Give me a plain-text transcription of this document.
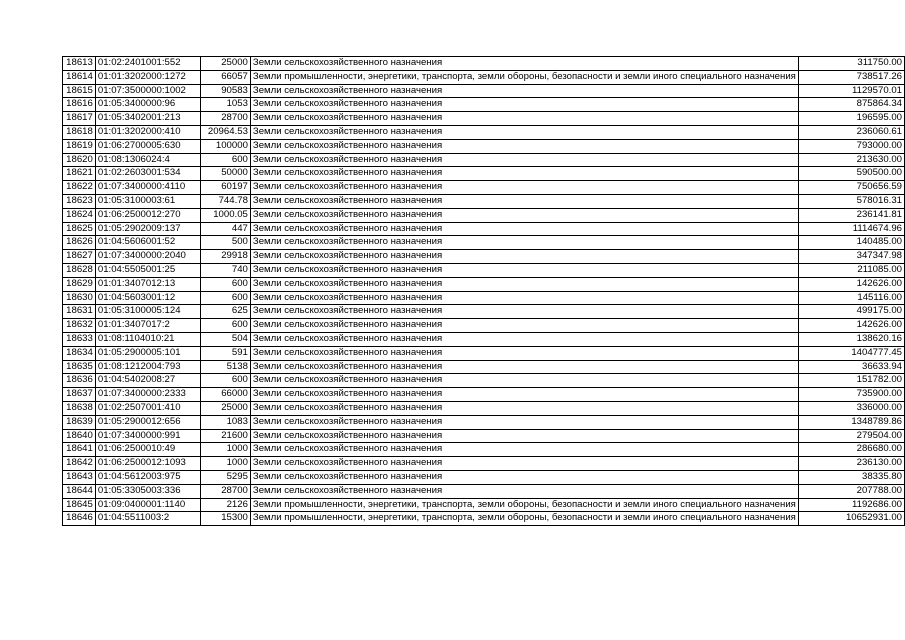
18613	01:02:2401001:552	25000	Земли сельскохозяйственного назначения	311750.00
18614	01:01:3202000:1272	66057	Земли промышленности, энергетики, транспорта, земли обороны, безопасности и земли иного специального назначения	738517.26
18615	01:07:3500000:1002	90583	Земли сельскохозяйственного назначения	1129570.01
18616	01:05:3400000:96	1053	Земли сельскохозяйственного назначения	875864.34
18617	01:05:3402001:213	28700	Земли сельскохозяйственного назначения	196595.00
18618	01:01:3202000:410	20964.53	Земли сельскохозяйственного назначения	236060.61
18619	01:06:2700005:630	100000	Земли сельскохозяйственного назначения	793000.00
18620	01:08:1306024:4	600	Земли сельскохозяйственного назначения	213630.00
18621	01:02:2603001:534	50000	Земли сельскохозяйственного назначения	590500.00
18622	01:07:3400000:4110	60197	Земли сельскохозяйственного назначения	750656.59
18623	01:05:3100003:61	744.78	Земли сельскохозяйственного назначения	578016.31
18624	01:06:2500012:270	1000.05	Земли сельскохозяйственного назначения	236141.81
18625	01:05:2902009:137	447	Земли сельскохозяйственного назначения	1114674.96
18626	01:04:5606001:52	500	Земли сельскохозяйственного назначения	140485.00
18627	01:07:3400000:2040	29918	Земли сельскохозяйственного назначения	347347.98
18628	01:04:5505001:25	740	Земли сельскохозяйственного назначения	211085.00
18629	01:01:3407012:13	600	Земли сельскохозяйственного назначения	142626.00
18630	01:04:5603001:12	600	Земли сельскохозяйственного назначения	145116.00
18631	01:05:3100005:124	625	Земли сельскохозяйственного назначения	499175.00
18632	01:01:3407017:2	600	Земли сельскохозяйственного назначения	142626.00
18633	01:08:1104010:21	504	Земли сельскохозяйственного назначения	138620.16
18634	01:05:2900005:101	591	Земли сельскохозяйственного назначения	1404777.45
18635	01:08:1212004:793	5138	Земли сельскохозяйственного назначения	36633.94
18636	01:04:5402008:27	600	Земли сельскохозяйственного назначения	151782.00
18637	01:07:3400000:2333	66000	Земли сельскохозяйственного назначения	735900.00
18638	01:02:2507001:410	25000	Земли сельскохозяйственного назначения	336000.00
18639	01:05:2900012:656	1083	Земли сельскохозяйственного назначения	1348789.86
18640	01:07:3400000:991	21600	Земли сельскохозяйственного назначения	279504.00
18641	01:06:2500010:49	1000	Земли сельскохозяйственного назначения	286680.00
18642	01:06:2500012:1093	1000	Земли сельскохозяйственного назначения	236130.00
18643	01:04:5612003:975	5295	Земли сельскохозяйственного назначения	38335.80
18644	01:05:3305003:336	28700	Земли сельскохозяйственного назначения	207788.00
18645	01:09:0400001:1140	2126	Земли промышленности, энергетики, транспорта, земли обороны, безопасности и земли иного специального назначения	1192686.00
18646	01:04:5511003:2	15300	Земли промышленности, энергетики, транспорта, земли обороны, безопасности и земли иного специального назначения	10652931.00
